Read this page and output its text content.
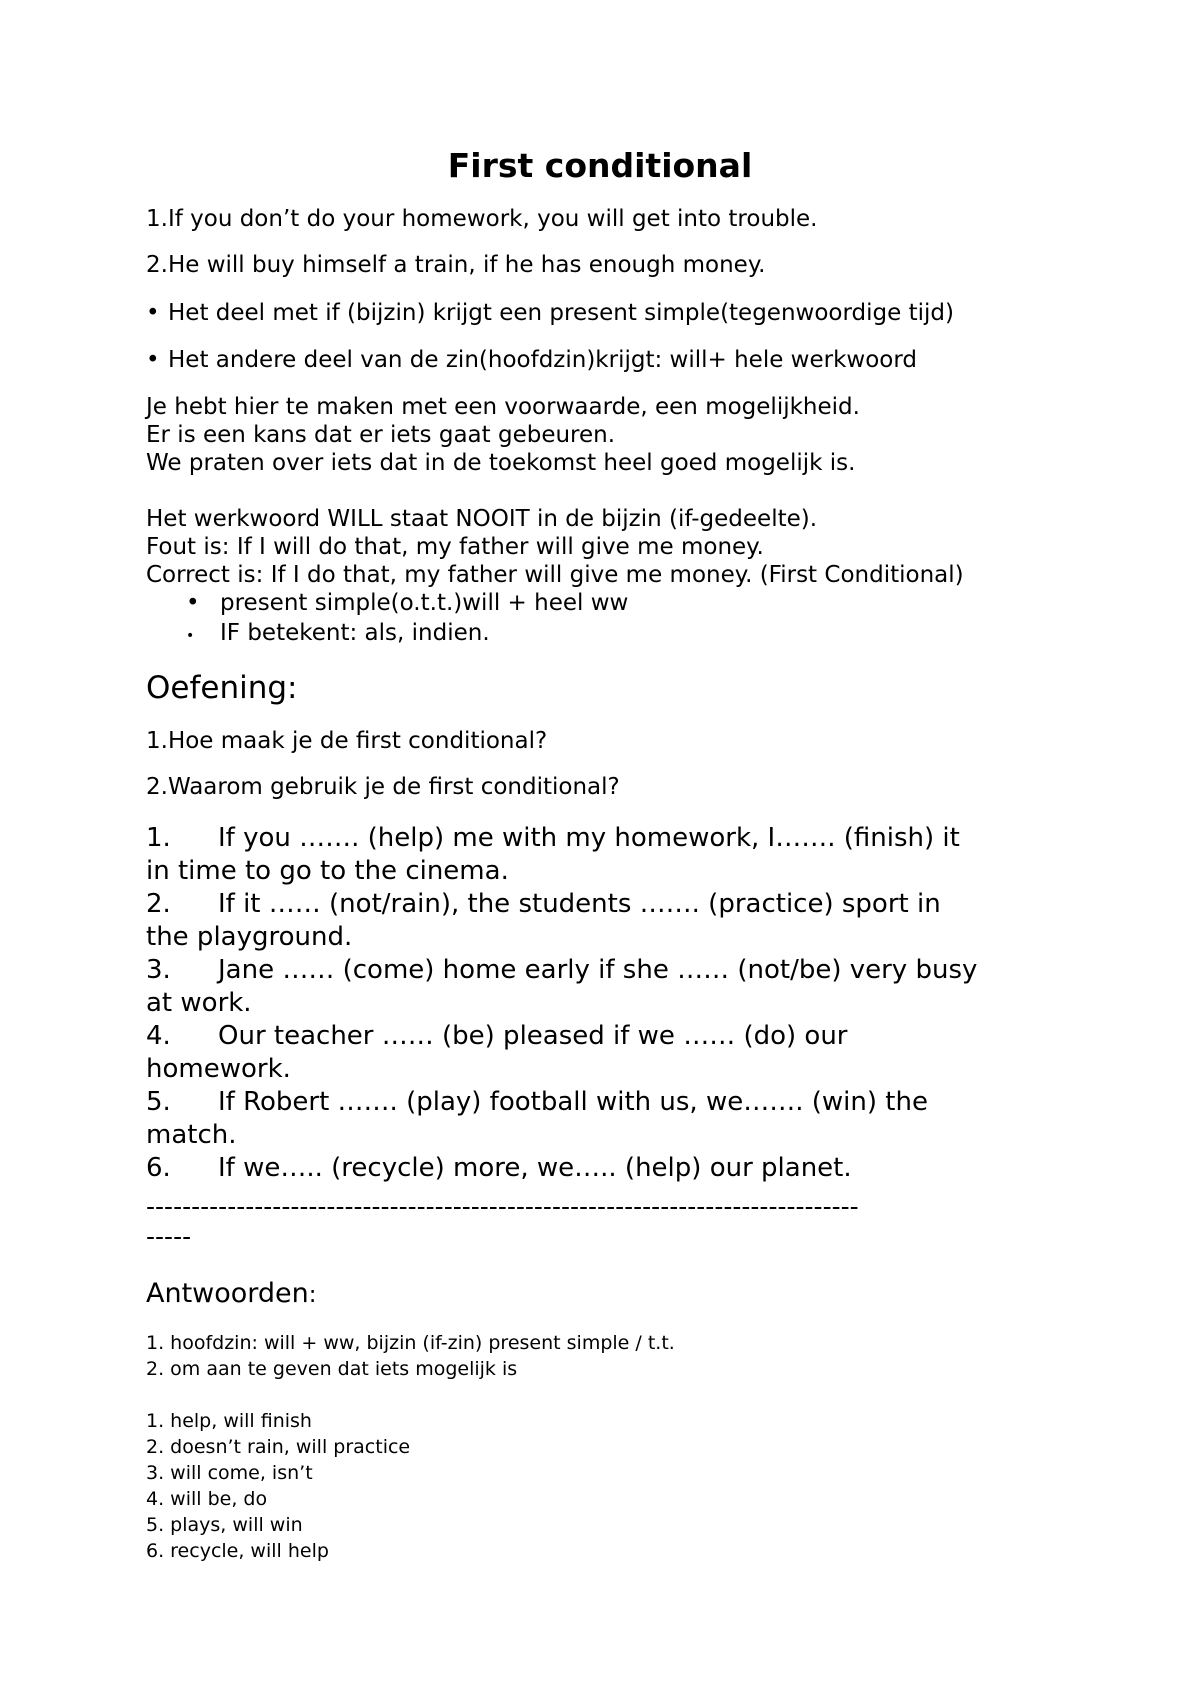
First conditional

1.If you don’t do your homework, you will get into trouble.

2.He will buy himself a train, if he has enough money.

• Het deel met if (bijzin) krijgt een present simple(tegenwoordige tijd)

• Het andere deel van de zin(hoofdzin)krijgt: will+ hele werkwoord

Je hebt hier te maken met een voorwaarde, een mogelijkheid.

Er is een kans dat er iets gaat gebeuren.

We praten over iets dat in de toekomst heel goed mogelijk is.

Het werkwoord WILL staat NOOIT in de bijzin (if-gedeelte).

Fout is: If I will do that, my father will give me money.

Correct is: If I do that, my father will give me money. (First Conditional)

• present simple(o.t.t.)will + heel ww

• IF betekent: als, indien.

Oefening:

1.Hoe maak je de first conditional?

2.Waarom gebruik je de first conditional?

1. If you ……. (help) me with my homework, I……. (finish) it
in time to go to the cinema.
2. If it …… (not/rain), the students ……. (practice) sport in
the playground.
3. Jane …… (come) home early if she …… (not/be) very busy
at work.
4. Our teacher …… (be) pleased if we …… (do) our
homework.
5. If Robert ……. (play) football with us, we……. (win) the
match.
6. If we….. (recycle) more, we….. (help) our planet.
-------------------------------------------------------------------------------
-----
Antwoorden:

1. hoofdzin: will + ww, bijzin (if-zin) present simple / t.t.

2. om aan te geven dat iets mogelijk is

1. help, will finish

2. doesn’t rain, will practice

3. will come, isn’t

4. will be, do

5. plays, will win

6. recycle, will help
